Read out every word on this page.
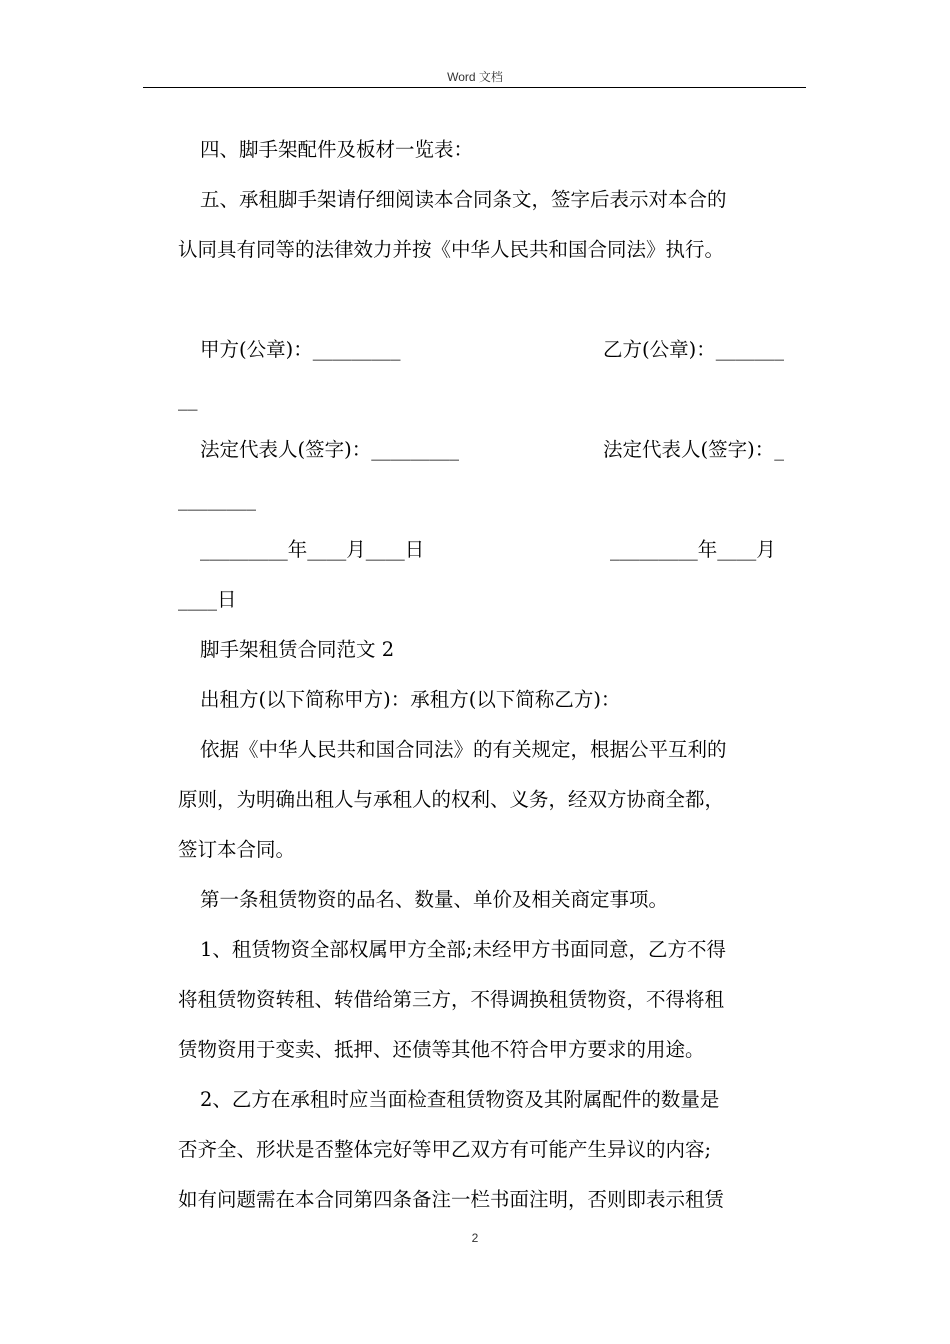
Word 文档
四、脚手架配件及板材一览表：
五、承租脚手架请仔细阅读本合同条文，签字后表示对本合的
认同具有同等的法律效力并按《中华人民共和国合同法》执行。
甲方(公章)：_________	乙方(公章)：_______
__
法定代表人(签字)：_________	法定代表人(签字)：_
________
_________年____月____日	_________年____月
____日
脚手架租赁合同范文 2
出租方(以下简称甲方)：承租方(以下简称乙方)：
依据《中华人民共和国合同法》的有关规定，根据公平互利的
原则，为明确出租人与承租人的权利、义务，经双方协商全都，
签订本合同。
第一条租赁物资的品名、数量、单价及相关商定事项。
1、租赁物资全部权属甲方全部;未经甲方书面同意，乙方不得
将租赁物资转租、转借给第三方，不得调换租赁物资，不得将租
赁物资用于变卖、抵押、还债等其他不符合甲方要求的用途。
2、乙方在承租时应当面检查租赁物资及其附属配件的数量是
否齐全、形状是否整体完好等甲乙双方有可能产生异议的内容;
如有问题需在本合同第四条备注一栏书面注明，否则即表示租赁
2
